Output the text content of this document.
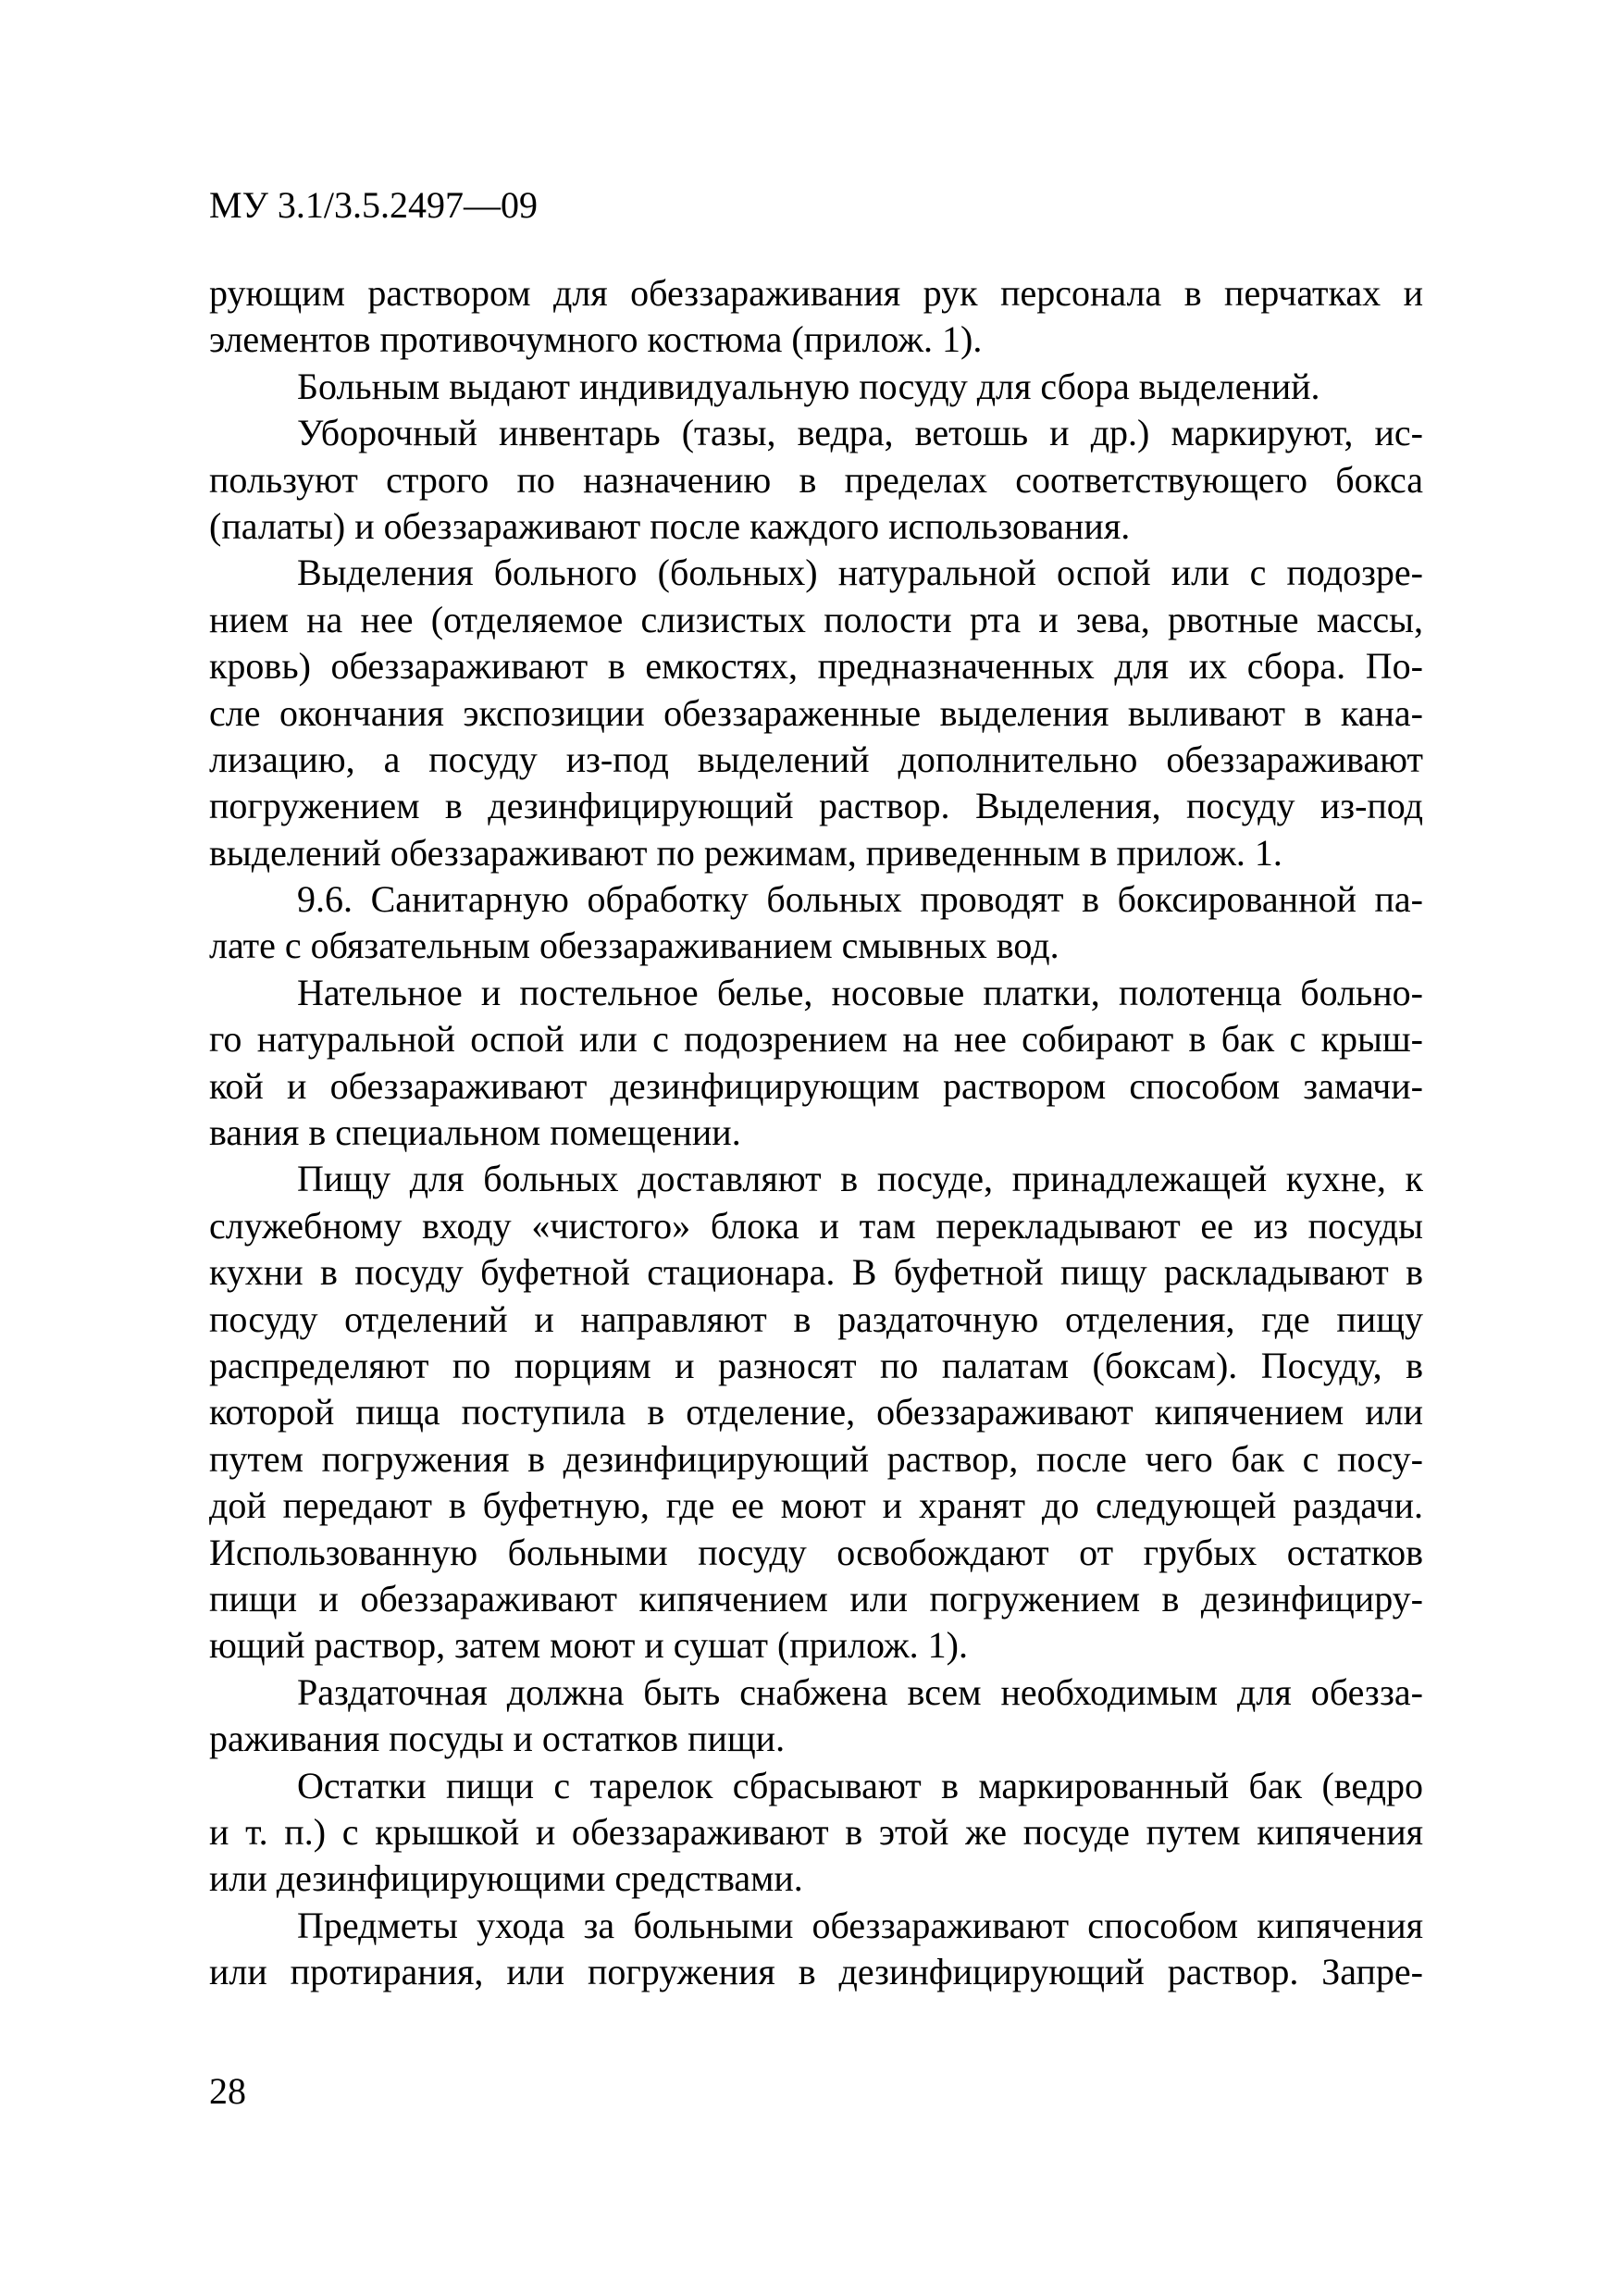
МУ 3.1/3.5.2497—09
рующим раствором для обеззараживания рук персонала в перчатках и
элементов противочумного костюма (прилож. 1).
Больным выдают индивидуальную посуду для сбора выделений.
Уборочный инвентарь (тазы, ведра, ветошь и др.) маркируют, ис-
пользуют строго по назначению в пределах соответствующего бокса
(палаты) и обеззараживают после каждого использования.
Выделения больного (больных) натуральной оспой или с подозре-
нием на нее (отделяемое слизистых полости рта и зева, рвотные массы,
кровь) обеззараживают в емкостях, предназначенных для их сбора. По-
сле окончания экспозиции обеззараженные выделения выливают в кана-
лизацию, а посуду из-под выделений дополнительно обеззараживают
погружением в дезинфицирующий раствор. Выделения, посуду из-под
выделений обеззараживают по режимам, приведенным в прилож. 1.
9.6. Санитарную обработку больных проводят в боксированной па-
лате с обязательным обеззараживанием смывных вод.
Нательное и постельное белье, носовые платки, полотенца больно-
го натуральной оспой или с подозрением на нее собирают в бак с крыш-
кой и обеззараживают дезинфицирующим раствором способом замачи-
вания в специальном помещении.
Пищу для больных доставляют в посуде, принадлежащей кухне, к
служебному входу «чистого» блока и там перекладывают ее из посуды
кухни в посуду буфетной стационара. В буфетной пищу раскладывают в
посуду отделений и направляют в раздаточную отделения, где пищу
распределяют по порциям и разносят по палатам (боксам). Посуду, в
которой пища поступила в отделение, обеззараживают кипячением или
путем погружения в дезинфицирующий раствор, после чего бак с посу-
дой передают в буфетную, где ее моют и хранят до следующей раздачи.
Использованную больными посуду освобождают от грубых остатков
пищи и обеззараживают кипячением или погружением в дезинфициру-
ющий раствор, затем моют и сушат (прилож. 1).
Раздаточная должна быть снабжена всем необходимым для обезза-
раживания посуды и остатков пищи.
Остатки пищи с тарелок сбрасывают в маркированный бак (ведро
и т. п.) с крышкой и обеззараживают в этой же посуде путем кипячения
или дезинфицирующими средствами.
Предметы ухода за больными обеззараживают способом кипячения
или протирания, или погружения в дезинфицирующий раствор. Запре-
28
